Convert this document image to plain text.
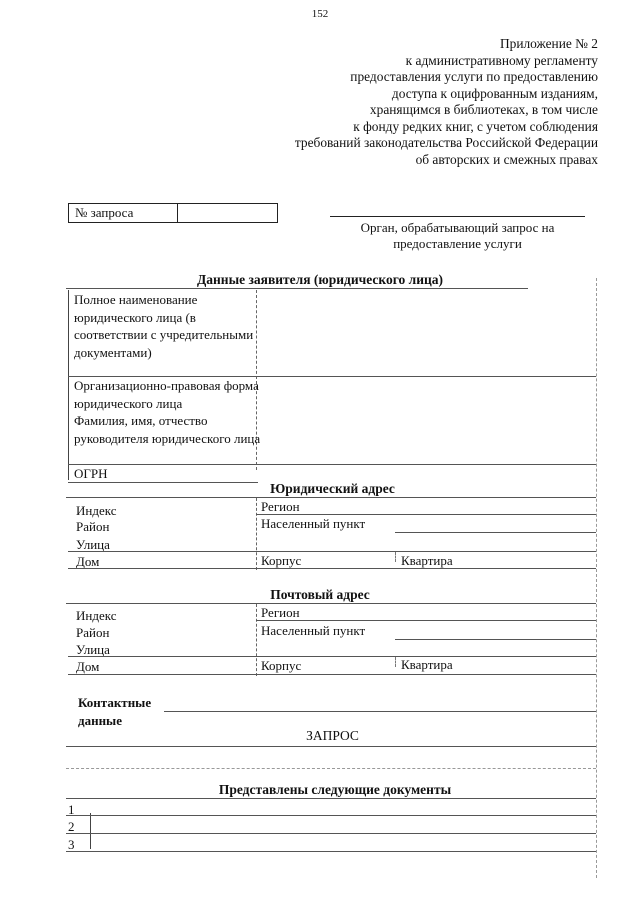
152
Приложение № 2
к административному регламенту
предоставления услуги по предоставлению
доступа к оцифрованным изданиям,
хранящимся в библиотеках, в том числе
к фонду редких книг, с учетом соблюдения
требований законодательства Российской Федерации
об авторских и смежных правах
№ запроса
Орган, обрабатывающий запрос на предоставление услуги
Данные заявителя (юридического лица)
Полное наименование юридического лица (в соответствии с учредительными документами)
Организационно-правовая форма юридического лица
Фамилия, имя, отчество руководителя юридического лица
ОГРН
Юридический адрес
Индекс	Регион
Район	Населенный пункт
Улица
Дом	Корпус	Квартира
Почтовый адрес
Индекс	Регион
Район	Населенный пункт
Улица
Дом	Корпус	Квартира
Контактные данные
ЗАПРОС
Представлены следующие документы
1
2
3
